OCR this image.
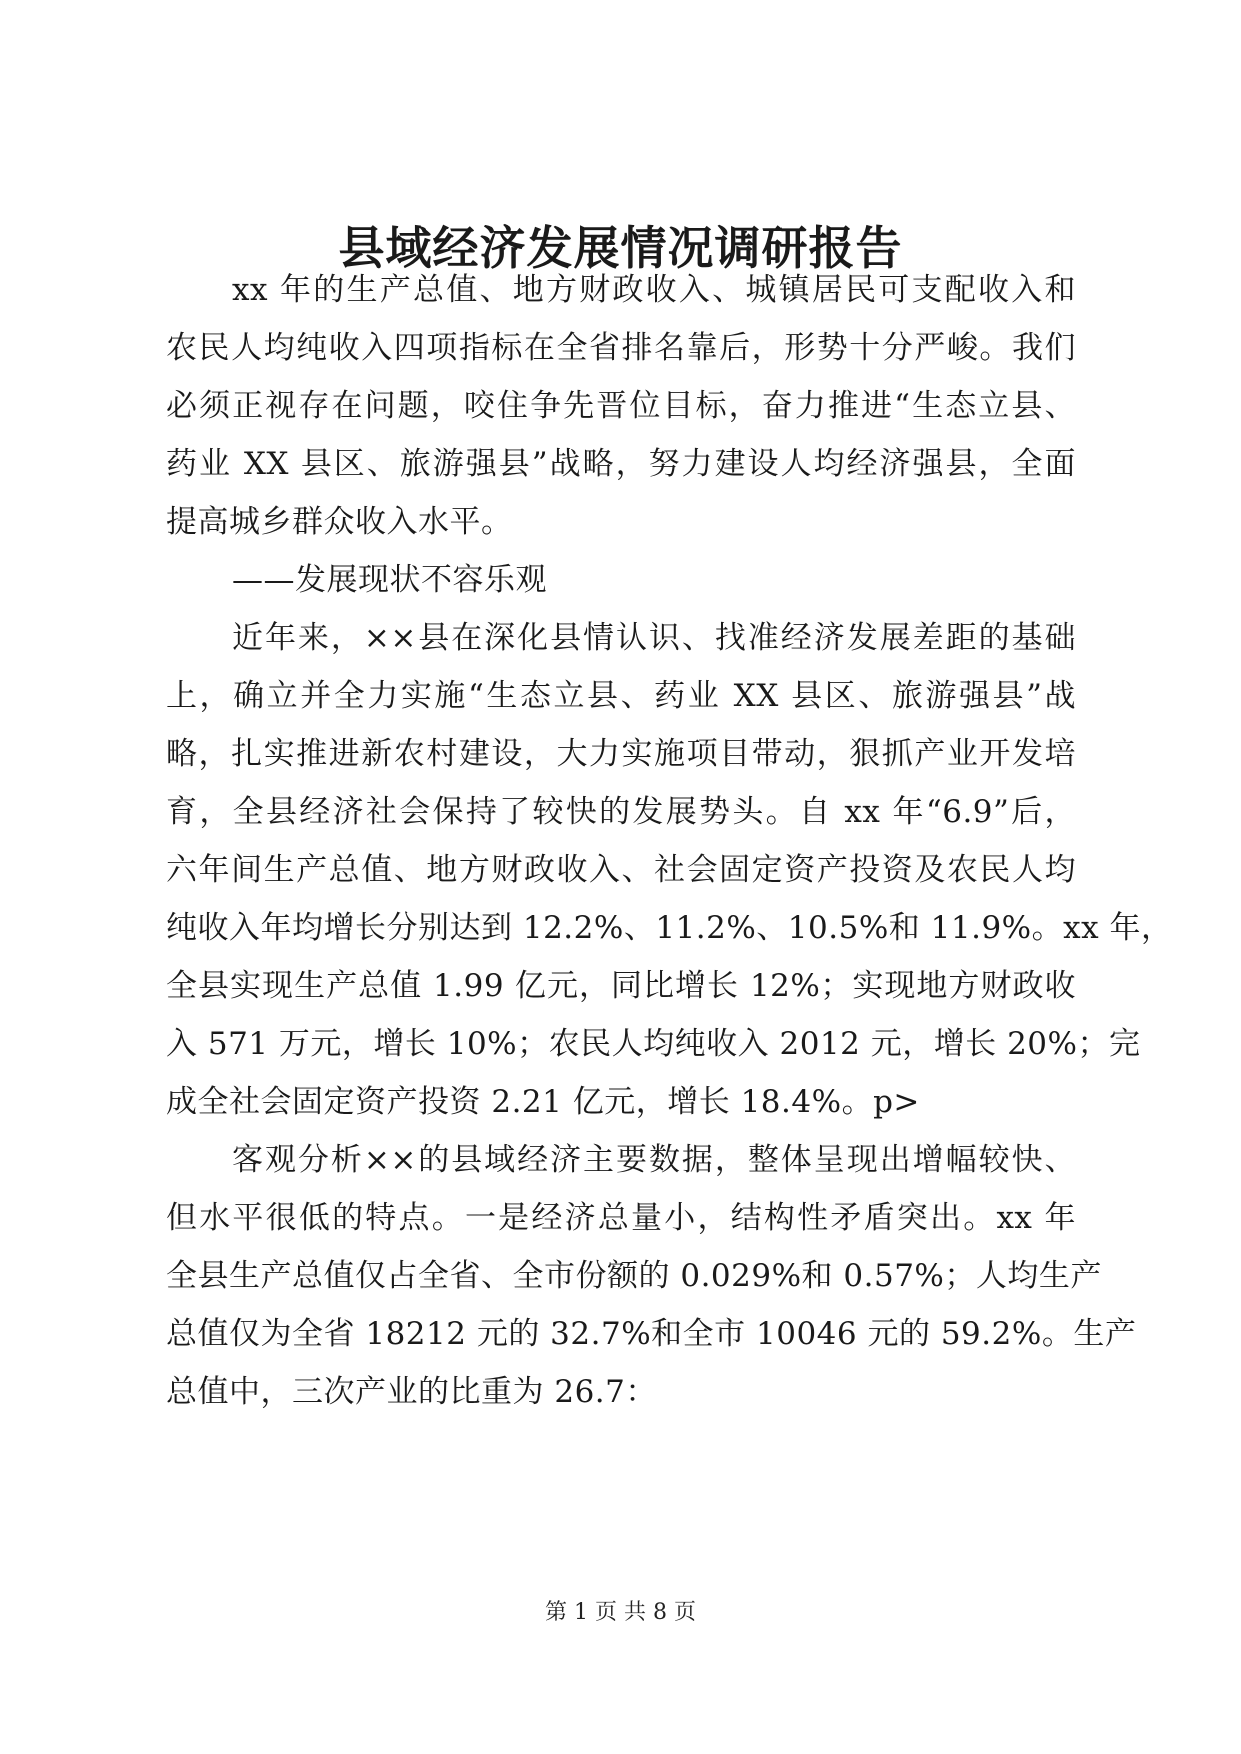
县域经济发展情况调研报告
xx 年的生产总值、地方财政收入、城镇居民可支配收入和
农民人均纯收入四项指标在全省排名靠后，形势十分严峻。我们
必须正视存在问题，咬住争先晋位目标，奋力推进“生态立县、
药业 XX 县区、旅游强县”战略，努力建设人均经济强县，全面
提高城乡群众收入水平。
——发展现状不容乐观
近年来，××县在深化县情认识、找准经济发展差距的基础
上，确立并全力实施“生态立县、药业 XX 县区、旅游强县”战
略，扎实推进新农村建设，大力实施项目带动，狠抓产业开发培
育，全县经济社会保持了较快的发展势头。自 xx 年“6.9”后，
六年间生产总值、地方财政收入、社会固定资产投资及农民人均
纯收入年均增长分别达到 12.2%、11.2%、10.5%和 11.9%。xx 年，
全县实现生产总值 1.99 亿元，同比增长 12%；实现地方财政收
入 571 万元，增长 10%；农民人均纯收入 2012 元，增长 20%；完
成全社会固定资产投资 2.21 亿元，增长 18.4%。p>
客观分析××的县域经济主要数据，整体呈现出增幅较快、
但水平很低的特点。一是经济总量小，结构性矛盾突出。xx 年
全县生产总值仅占全省、全市份额的 0.029%和 0.57%；人均生产
总值仅为全省 18212 元的 32.7%和全市 10046 元的 59.2%。生产
总值中，三次产业的比重为 26.7：
第 1 页 共 8 页
